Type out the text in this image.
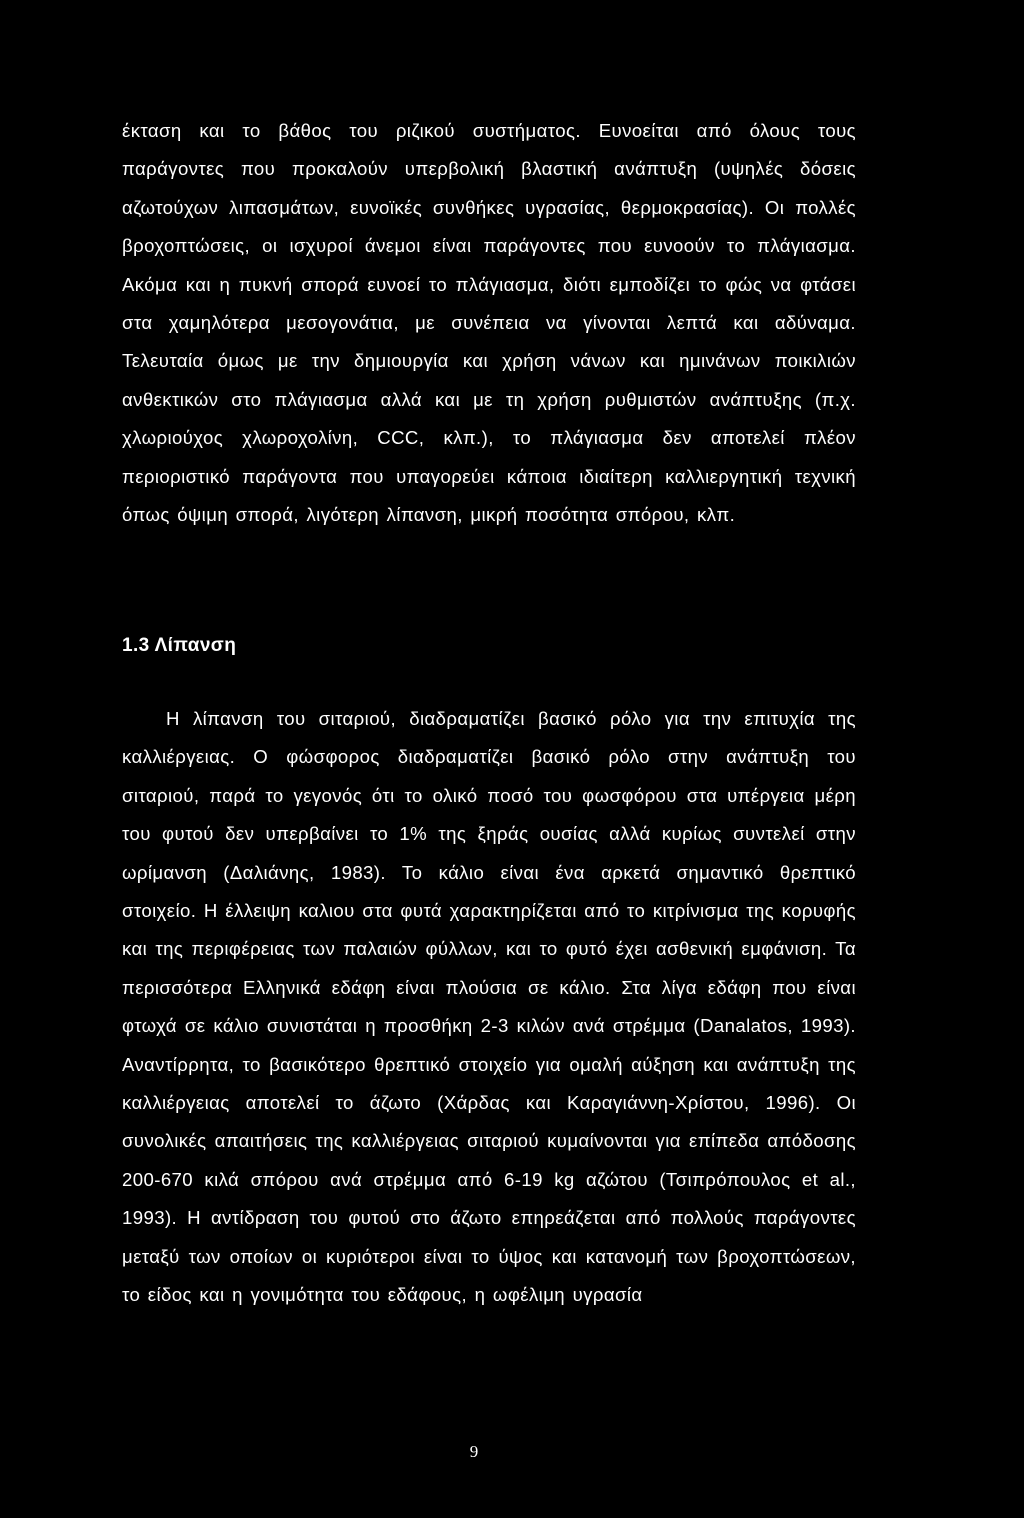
έκταση και το βάθος του ριζικού συστήματος. Ευνοείται από όλους τους παράγοντες που προκαλούν υπερβολική βλαστική ανάπτυξη (υψηλές δόσεις αζωτούχων λιπασμάτων, ευνοϊκές συνθήκες υγρασίας, θερμοκρασίας). Οι πολλές βροχοπτώσεις, οι ισχυροί άνεμοι είναι παράγοντες που ευνοούν το πλάγιασμα. Ακόμα και η πυκνή σπορά ευνοεί το πλάγιασμα, διότι εμποδίζει το φώς να φτάσει στα χαμηλότερα μεσογονάτια, με συνέπεια να γίνονται λεπτά και αδύναμα. Τελευταία όμως με την δημιουργία και χρήση νάνων και ημινάνων ποικιλιών ανθεκτικών στο πλάγιασμα αλλά και με τη χρήση ρυθμιστών ανάπτυξης (π.χ. χλωριούχος χλωροχολίνη, CCC, κλπ.), το πλάγιασμα δεν αποτελεί πλέον περιοριστικό παράγοντα που υπαγορεύει κάποια ιδιαίτερη καλλιεργητική τεχνική όπως όψιμη σπορά, λιγότερη λίπανση, μικρή ποσότητα σπόρου, κλπ.

1.3 Λίπανση

Η λίπανση του σιταριού, διαδραματίζει βασικό ρόλο για την επιτυχία της καλλιέργειας. Ο φώσφορος διαδραματίζει βασικό ρόλο στην ανάπτυξη του σιταριού, παρά το γεγονός ότι το ολικό ποσό του φωσφόρου στα υπέργεια μέρη του φυτού δεν υπερβαίνει το 1% της ξηράς ουσίας αλλά κυρίως συντελεί στην ωρίμανση (Δαλιάνης, 1983). Το κάλιο είναι ένα αρκετά σημαντικό θρεπτικό στοιχείο. Η έλλειψη καλιου στα φυτά χαρακτηρίζεται από το κιτρίνισμα της κορυφής και της περιφέρειας των παλαιών φύλλων, και το φυτό έχει ασθενική εμφάνιση. Τα περισσότερα Ελληνικά εδάφη είναι πλούσια σε κάλιο. Στα λίγα εδάφη που είναι φτωχά σε κάλιο συνιστάται η προσθήκη 2-3 κιλών ανά στρέμμα (Danalatos, 1993). Αναντίρρητα, το βασικότερο θρεπτικό στοιχείο για ομαλή αύξηση και ανάπτυξη της καλλιέργειας αποτελεί το άζωτο (Χάρδας και Καραγιάννη-Χρίστου, 1996). Οι συνολικές απαιτήσεις της καλλιέργειας σιταριού κυμαίνονται για επίπεδα απόδοσης 200-670 κιλά σπόρου ανά στρέμμα από 6-19 kg αζώτου (Τσιπρόπουλος et al., 1993). Η αντίδραση του φυτού στο άζωτο επηρεάζεται από πολλούς παράγοντες μεταξύ των οποίων οι κυριότεροι είναι το ύψος και κατανομή των βροχοπτώσεων, το είδος και η γονιμότητα του εδάφους, η ωφέλιμη υγρασία

9
